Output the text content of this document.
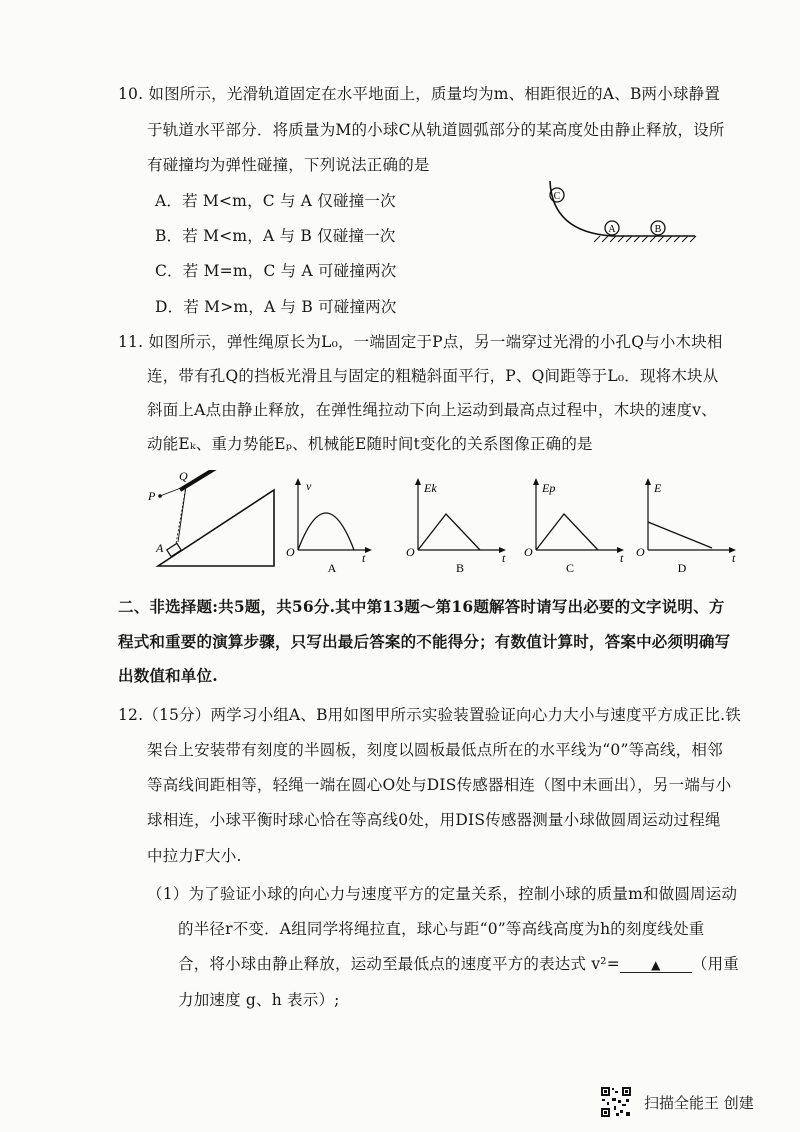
10. 如图所示，光滑轨道固定在水平地面上，质量均为m、相距很近的A、B两小球静置
于轨道水平部分．将质量为M的小球C从轨道圆弧部分的某高度处由静止释放，设所
有碰撞均为弹性碰撞，下列说法正确的是
A．若 M<m，C 与 A 仅碰撞一次
B．若 M<m，A 与 B 仅碰撞一次
C．若 M=m，C 与 A 可碰撞两次
D．若 M>m，A 与 B 可碰撞两次
C
A	B
11. 如图所示，弹性绳原长为L₀，一端固定于P点，另一端穿过光滑的小孔Q与小木块相
连，带有孔Q的挡板光滑且与固定的粗糙斜面平行，P、Q间距等于L₀．现将木块从
斜面上A点由静止释放，在弹性绳拉动下向上运动到最高点过程中，木块的速度v、
动能Eₖ、重力势能Eₚ、机械能E随时间t变化的关系图像正确的是
P
Q
A
v
O	t
A
Ek
O	t
B
Ep
O	t
C
E
O	t
D
二、非选择题:共5题，共56分.其中第13题～第16题解答时请写出必要的文字说明、方
程式和重要的演算步骤，只写出最后答案的不能得分；有数值计算时，答案中必须明确写
出数值和单位.
12.（15分）两学习小组A、B用如图甲所示实验装置验证向心力大小与速度平方成正比.铁
架台上安装带有刻度的半圆板，刻度以圆板最低点所在的水平线为“0”等高线，相邻
等高线间距相等，轻绳一端在圆心O处与DIS传感器相连（图中未画出），另一端与小
球相连，小球平衡时球心恰在等高线0处，用DIS传感器测量小球做圆周运动过程绳
中拉力F大小.
（1）为了验证小球的向心力与速度平方的定量关系，控制小球的质量m和做圆周运动
的半径r不变．A组同学将绳拉直，球心与距“0”等高线高度为h的刻度线处重
合，将小球由静止释放，运动至最低点的速度平方的表达式 v²=	▲ （用重
力加速度 g、h 表示）;
扫描全能王 创建
